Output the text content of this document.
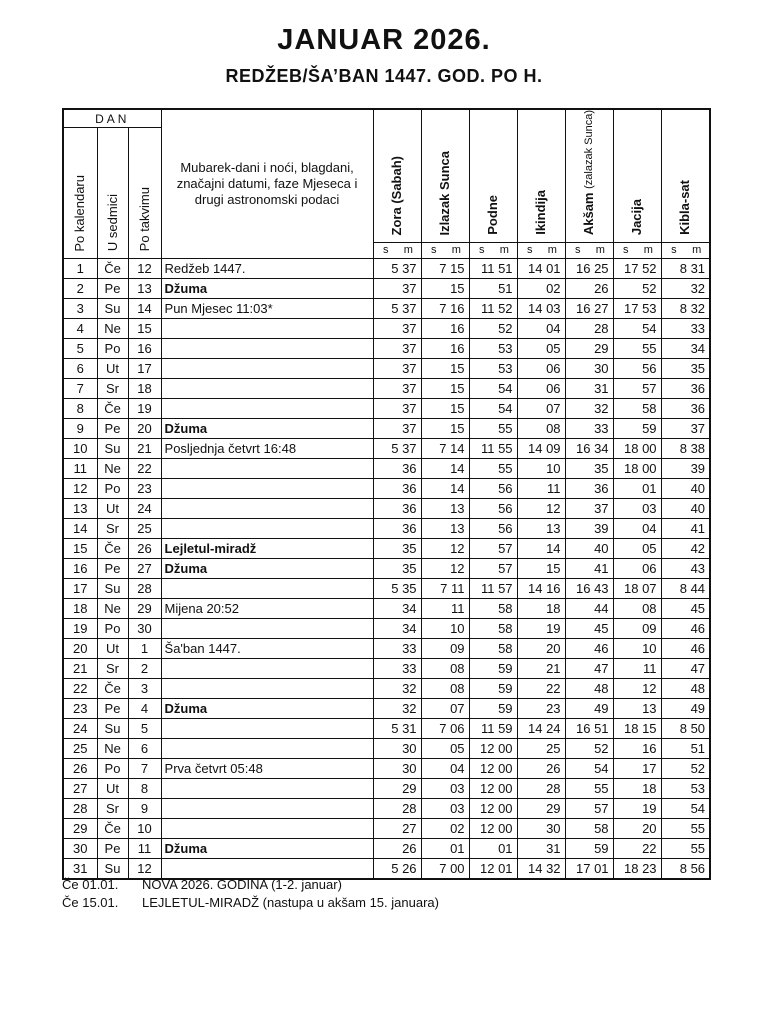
JANUAR 2026.
REDŽEB/ŠA’BAN 1447. GOD. PO H.
DAN			Mubarek-dani i noći, blagdani, značajni datumi, faze Mjeseca i drugi astronomski podaci	Zora (Sabah)	Izlazak Sunca	Podne	Ikindija	Akšam (zalazak Sunca)	Jacija	Kibla-sat
Po kalendaru	U sedmici	Po takvimu								
				s m	s m	s m	s m	s m	s m	s m
1	Če	12	Redžeb 1447.	5 37	7 15	11 51	14 01	16 25	17 52	8 31
2	Pe	13	Džuma	37	15	51	02	26	52	32
3	Su	14	Pun Mjesec 11:03*	5 37	7 16	11 52	14 03	16 27	17 53	8 32
4	Ne	15		37	16	52	04	28	54	33
5	Po	16		37	16	53	05	29	55	34
6	Ut	17		37	15	53	06	30	56	35
7	Sr	18		37	15	54	06	31	57	36
8	Če	19		37	15	54	07	32	58	36
9	Pe	20	Džuma	37	15	55	08	33	59	37
10	Su	21	Posljednja četvrt 16:48	5 37	7 14	11 55	14 09	16 34	18 00	8 38
11	Ne	22		36	14	55	10	35	18 00	39
12	Po	23		36	14	56	11	36	01	40
13	Ut	24		36	13	56	12	37	03	40
14	Sr	25		36	13	56	13	39	04	41
15	Če	26	Lejletul-miradž	35	12	57	14	40	05	42
16	Pe	27	Džuma	35	12	57	15	41	06	43
17	Su	28		5 35	7 11	11 57	14 16	16 43	18 07	8 44
18	Ne	29	Mijena 20:52	34	11	58	18	44	08	45
19	Po	30		34	10	58	19	45	09	46
20	Ut	1	Ša'ban 1447.	33	09	58	20	46	10	46
21	Sr	2		33	08	59	21	47	11	47
22	Če	3		32	08	59	22	48	12	48
23	Pe	4	Džuma	32	07	59	23	49	13	49
24	Su	5		5 31	7 06	11 59	14 24	16 51	18 15	8 50
25	Ne	6		30	05	12 00	25	52	16	51
26	Po	7	Prva četvrt 05:48	30	04	12 00	26	54	17	52
27	Ut	8		29	03	12 00	28	55	18	53
28	Sr	9		28	03	12 00	29	57	19	54
29	Če	10		27	02	12 00	30	58	20	55
30	Pe	11	Džuma	26	01	01	31	59	22	55
31	Su	12		5 26	7 00	12 01	14 32	17 01	18 23	8 56
Če 01.01.	NOVA 2026. GODINA (1-2. januar)
Če 15.01.	LEJLETUL-MIRADŽ (nastupa u akšam 15. januara)
